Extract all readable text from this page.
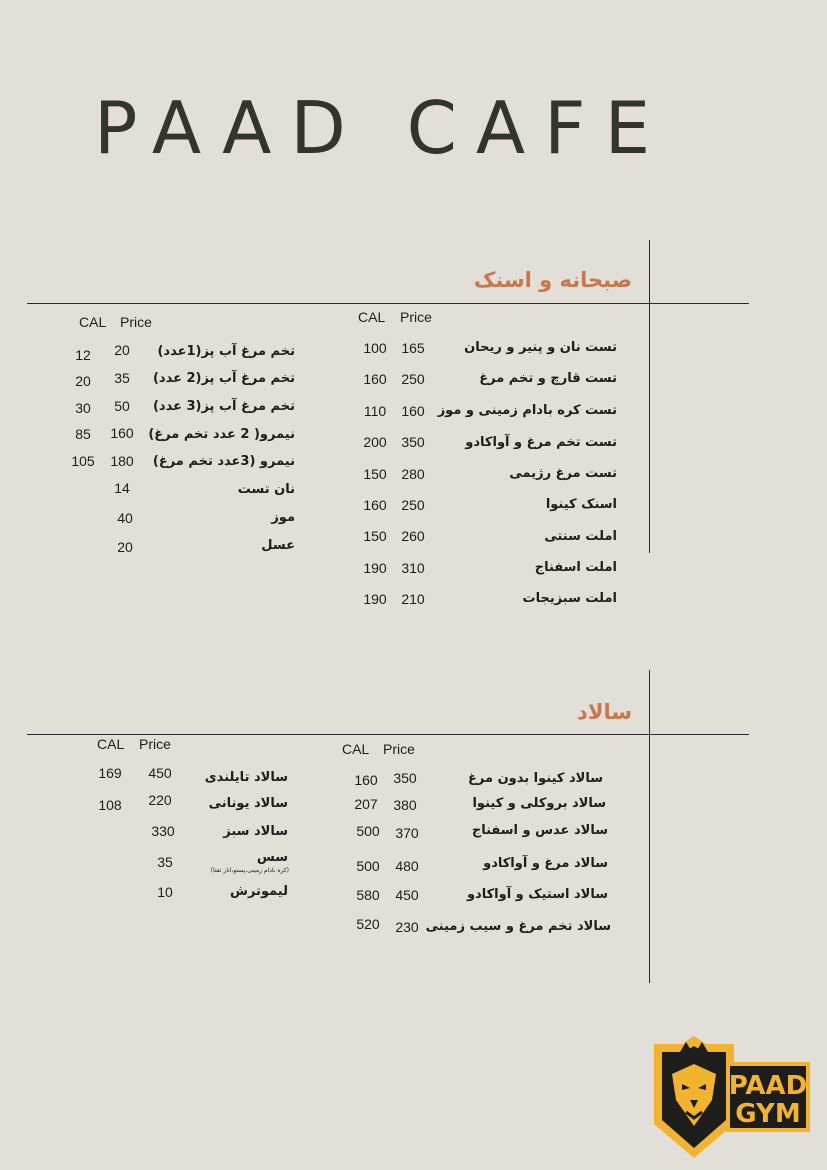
PAAD CAFE
صبحانه و اسنک
CAL Price
CAL Price
تست نان و پنیر و ریحان
165
100
تست قارچ و تخم مرغ
250
160
تست کره بادام زمینی و موز
160
110
تست تخم مرغ و آواکادو
350
200
تست مرغ رژیمی
280
150
اسنک کینوا
250
160
املت سنتی
260
150
املت اسفناج
310
190
املت سبزیجات
210
190
تخم مرغ آب پز(1عدد)
20
12
تخم مرغ آب پز(2 عدد)
35
20
تخم مرغ آب پز(3 عدد)
50
30
نیمرو( 2 عدد تخم مرغ)
160
85
نیمرو (3عدد تخم مرغ)
180
105
نان تست
14
موز
40
عسل
20
سالاد
CAL Price
CAL Price
سالاد کینوا بدون مرغ
350
160
سالاد بروکلی و کینوا
380
207
سالاد عدس و اسفناج
370
500
سالاد مرغ و آواکادو
480
500
سالاد استیک و آواکادو
450
580
سالاد تخم مرغ و سیب زمینی
230
520
سالاد تایلندی
450
169
سالاد یونانی
220
108
سالاد سبز
330
سس
(کره بادام زمینی،پستو،انار تفتا)
35
لیموترش
10
PAAD
GYM
